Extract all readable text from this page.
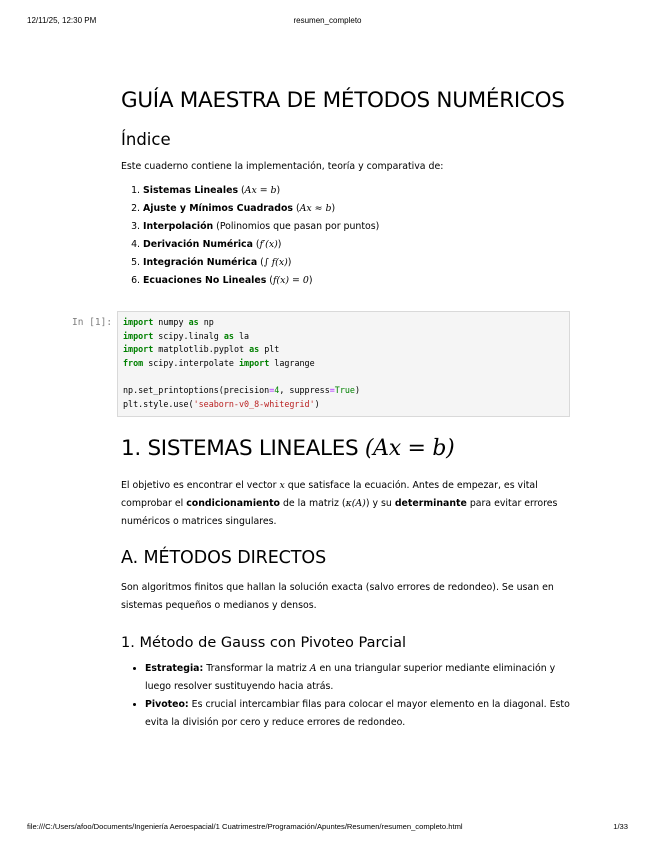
12/11/25, 12:30 PM	resumen_completo
GUÍA MAESTRA DE MÉTODOS NUMÉRICOS
Índice

Este cuaderno contiene la implementación, teoría y comparativa de:

1. Sistemas Lineales (Ax = b)
2. Ajuste y Mínimos Cuadrados (Ax ≈ b)
3. Interpolación (Polinomios que pasan por puntos)
4. Derivación Numérica (f′(x))
5. Integración Numérica (∫ f(x))
6. Ecuaciones No Lineales (f(x) = 0)
In [1]: import numpy as np
import scipy.linalg as la
import matplotlib.pyplot as plt
from scipy.interpolate import lagrange
np.set_printoptions(precision=4, suppress=True)
plt.style.use('seaborn-v0_8-whitegrid')
1. SISTEMAS LINEALES (Ax = b)

El objetivo es encontrar el vector x que satisface la ecuación. Antes de empezar, es vital comprobar el condicionamiento de la matriz (κ(A)) y su determinante para evitar errores numéricos o matrices singulares.

A. MÉTODOS DIRECTOS

Son algoritmos finitos que hallan la solución exacta (salvo errores de redondeo). Se usan en sistemas pequeños o medianos y densos.

1. Método de Gauss con Pivoteo Parcial
• Estrategia: Transformar la matriz A en una triangular superior mediante eliminación y luego resolver sustituyendo hacia atrás.
• Pivoteo: Es crucial intercambiar filas para colocar el mayor elemento en la diagonal. Esto evita la división por cero y reduce errores de redondeo.
file:///C:/Users/afoo/Documents/Ingeniería Aeroespacial/1 Cuatrimestre/Programación/Apuntes/Resumen/resumen_completo.html	1/33
